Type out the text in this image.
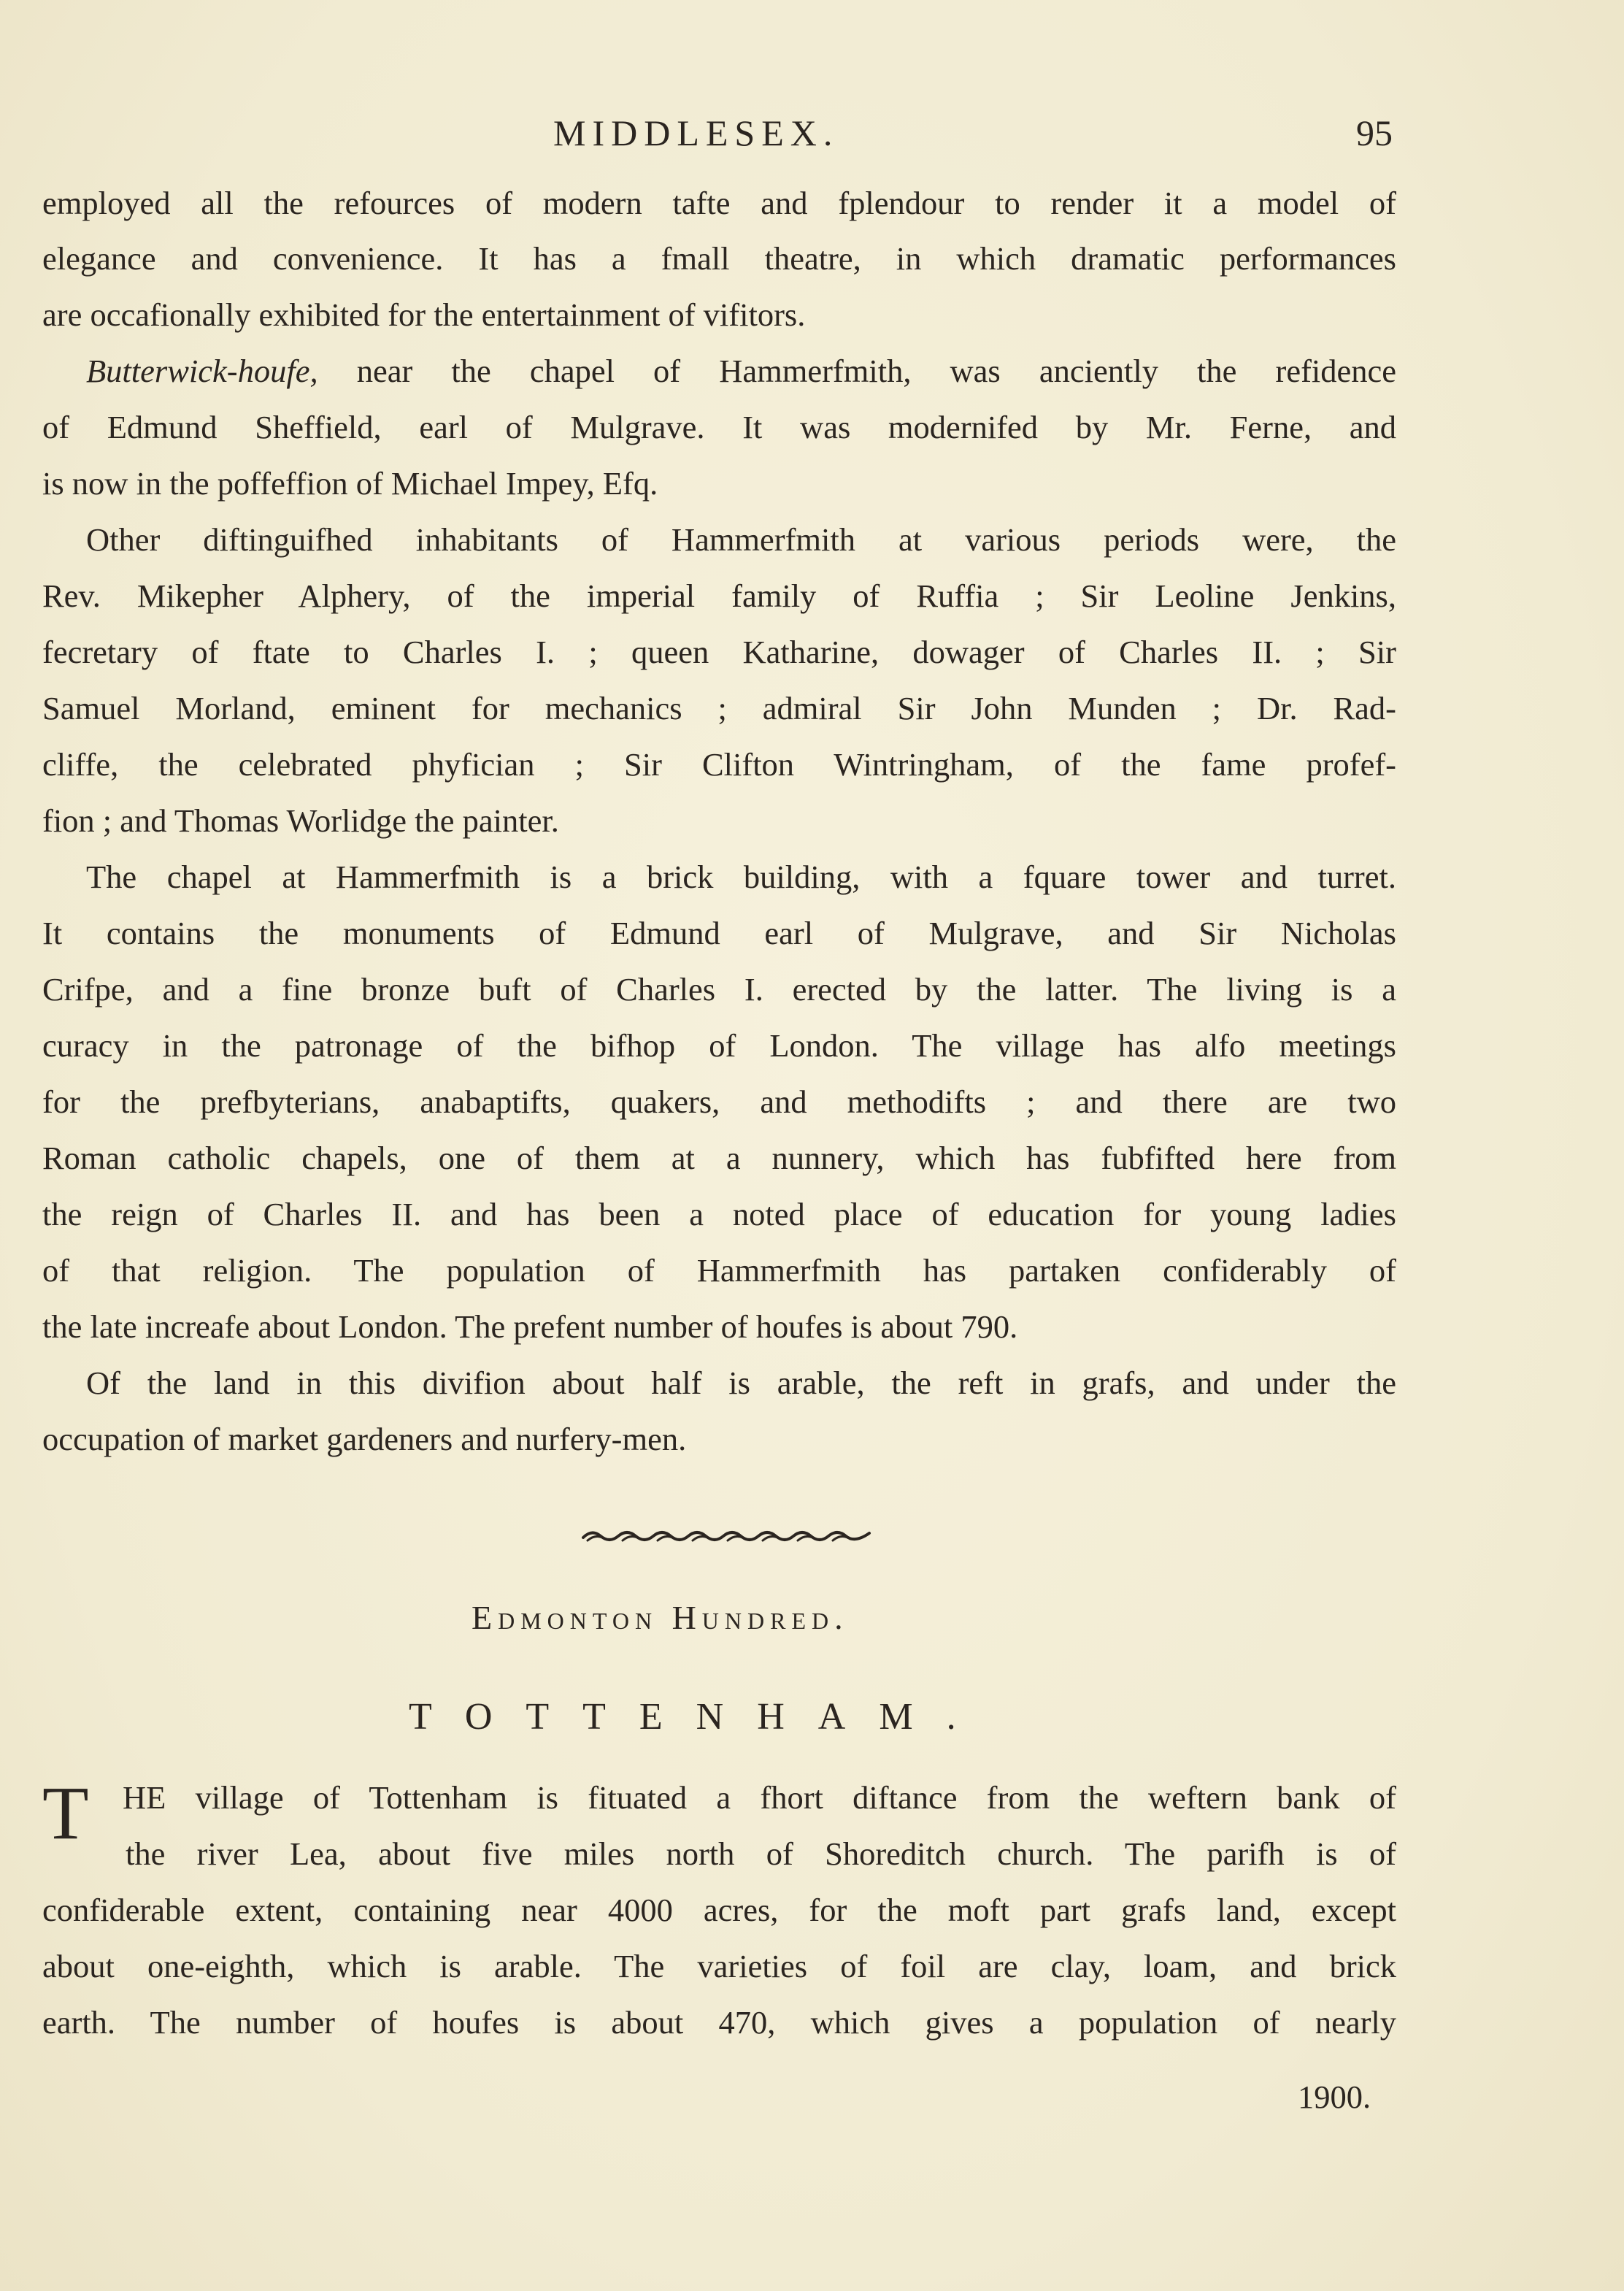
MIDDLESEX.	95
employed all the refources of modern tafte and fplendour to render it a model of
elegance and convenience. It has a fmall theatre, in which dramatic performances
are occafionally exhibited for the entertainment of vifitors.
Butterwick-houfe, near the chapel of Hammerfmith, was anciently the refidence
of Edmund Sheffield, earl of Mulgrave. It was modernifed by Mr. Ferne, and
is now in the poffeffion of Michael Impey, Efq.
Other diftinguifhed inhabitants of Hammerfmith at various periods were, the
Rev. Mikepher Alphery, of the imperial family of Ruffia ; Sir Leoline Jenkins,
fecretary of ftate to Charles I. ; queen Katharine, dowager of Charles II. ; Sir
Samuel Morland, eminent for mechanics ; admiral Sir John Munden ; Dr. Rad-
cliffe, the celebrated phyfician ; Sir Clifton Wintringham, of the fame profef-
fion ; and Thomas Worlidge the painter.
The chapel at Hammerfmith is a brick building, with a fquare tower and turret.
It contains the monuments of Edmund earl of Mulgrave, and Sir Nicholas
Crifpe, and a fine bronze buft of Charles I. erected by the latter. The living is a
curacy in the patronage of the bifhop of London. The village has alfo meetings
for the prefbyterians, anabaptifts, quakers, and methodifts ; and there are two
Roman catholic chapels, one of them at a nunnery, which has fubfifted here from
the reign of Charles II. and has been a noted place of education for young ladies
of that religion. The population of Hammerfmith has partaken confiderably of
the late increafe about London. The prefent number of houfes is about 790.
Of the land in this divifion about half is arable, the reft in grafs, and under the
occupation of market gardeners and nurfery-men.
Edmonton Hundred.
TOTTENHAM.
T HE village of Tottenham is fituated a fhort diftance from the weftern bank of
the river Lea, about five miles north of Shoreditch church. The parifh is of
confiderable extent, containing near 4000 acres, for the moft part grafs land, except
about one-eighth, which is arable. The varieties of foil are clay, loam, and brick
earth. The number of houfes is about 470, which gives a population of nearly
1900.
